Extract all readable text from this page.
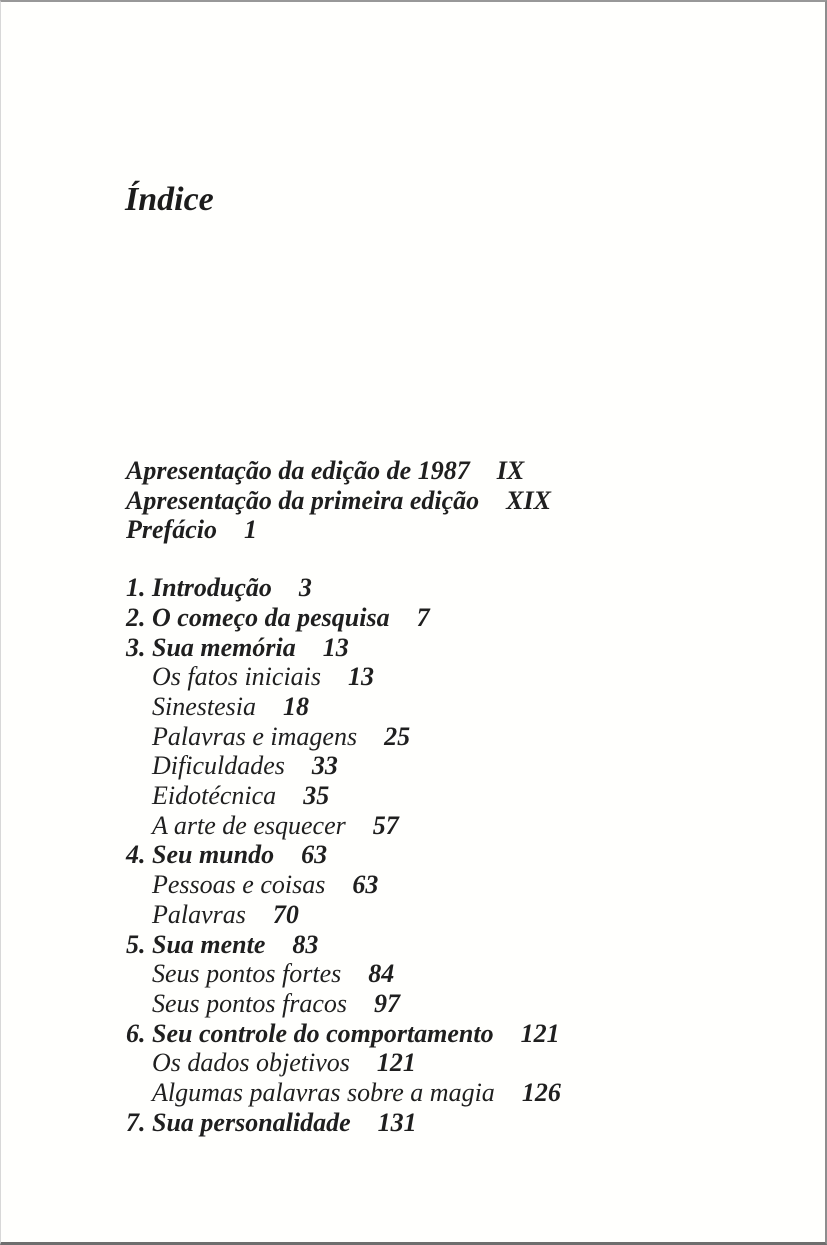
Índice
Apresentação da edição de 1987 IX
Apresentação da primeira edição XIX
Prefácio 1
1. Introdução 3
2. O começo da pesquisa 7
3. Sua memória 13
Os fatos iniciais 13
Sinestesia 18
Palavras e imagens 25
Dificuldades 33
Eidotécnica 35
A arte de esquecer 57
4. Seu mundo 63
Pessoas e coisas 63
Palavras 70
5. Sua mente 83
Seus pontos fortes 84
Seus pontos fracos 97
6. Seu controle do comportamento 121
Os dados objetivos 121
Algumas palavras sobre a magia 126
7. Sua personalidade 131
